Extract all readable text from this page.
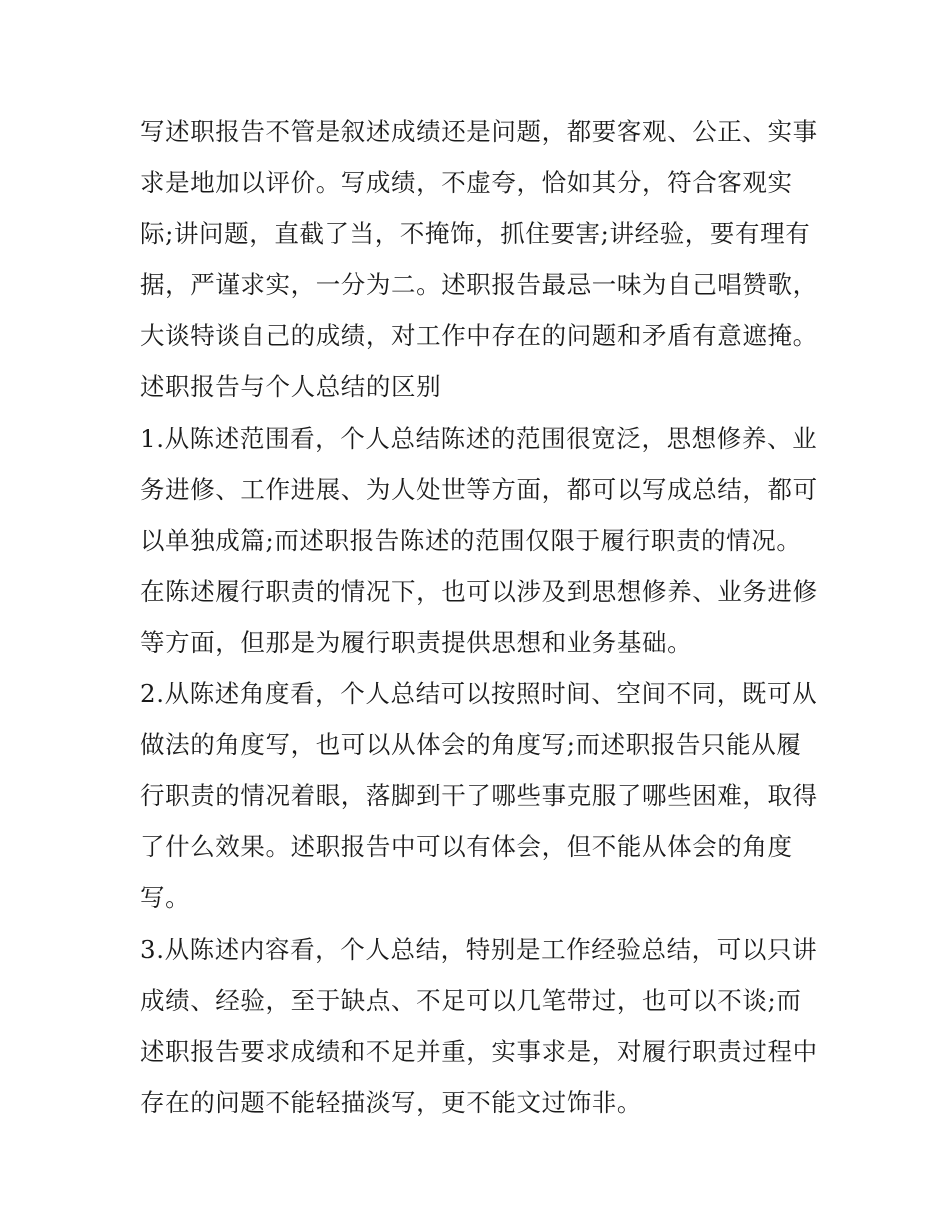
写述职报告不管是叙述成绩还是问题，都要客观、公正、实事
求是地加以评价。写成绩，不虚夸，恰如其分，符合客观实
际;讲问题，直截了当，不掩饰，抓住要害;讲经验，要有理有
据，严谨求实，一分为二。述职报告最忌一味为自己唱赞歌，
大谈特谈自己的成绩，对工作中存在的问题和矛盾有意遮掩。
述职报告与个人总结的区别
1.从陈述范围看，个人总结陈述的范围很宽泛，思想修养、业
务进修、工作进展、为人处世等方面，都可以写成总结，都可
以单独成篇;而述职报告陈述的范围仅限于履行职责的情况。
在陈述履行职责的情况下，也可以涉及到思想修养、业务进修
等方面，但那是为履行职责提供思想和业务基础。
2.从陈述角度看，个人总结可以按照时间、空间不同，既可从
做法的角度写，也可以从体会的角度写;而述职报告只能从履
行职责的情况着眼，落脚到干了哪些事克服了哪些困难，取得
了什么效果。述职报告中可以有体会，但不能从体会的角度
写。
3.从陈述内容看，个人总结，特别是工作经验总结，可以只讲
成绩、经验，至于缺点、不足可以几笔带过，也可以不谈;而
述职报告要求成绩和不足并重，实事求是，对履行职责过程中
存在的问题不能轻描淡写，更不能文过饰非。
